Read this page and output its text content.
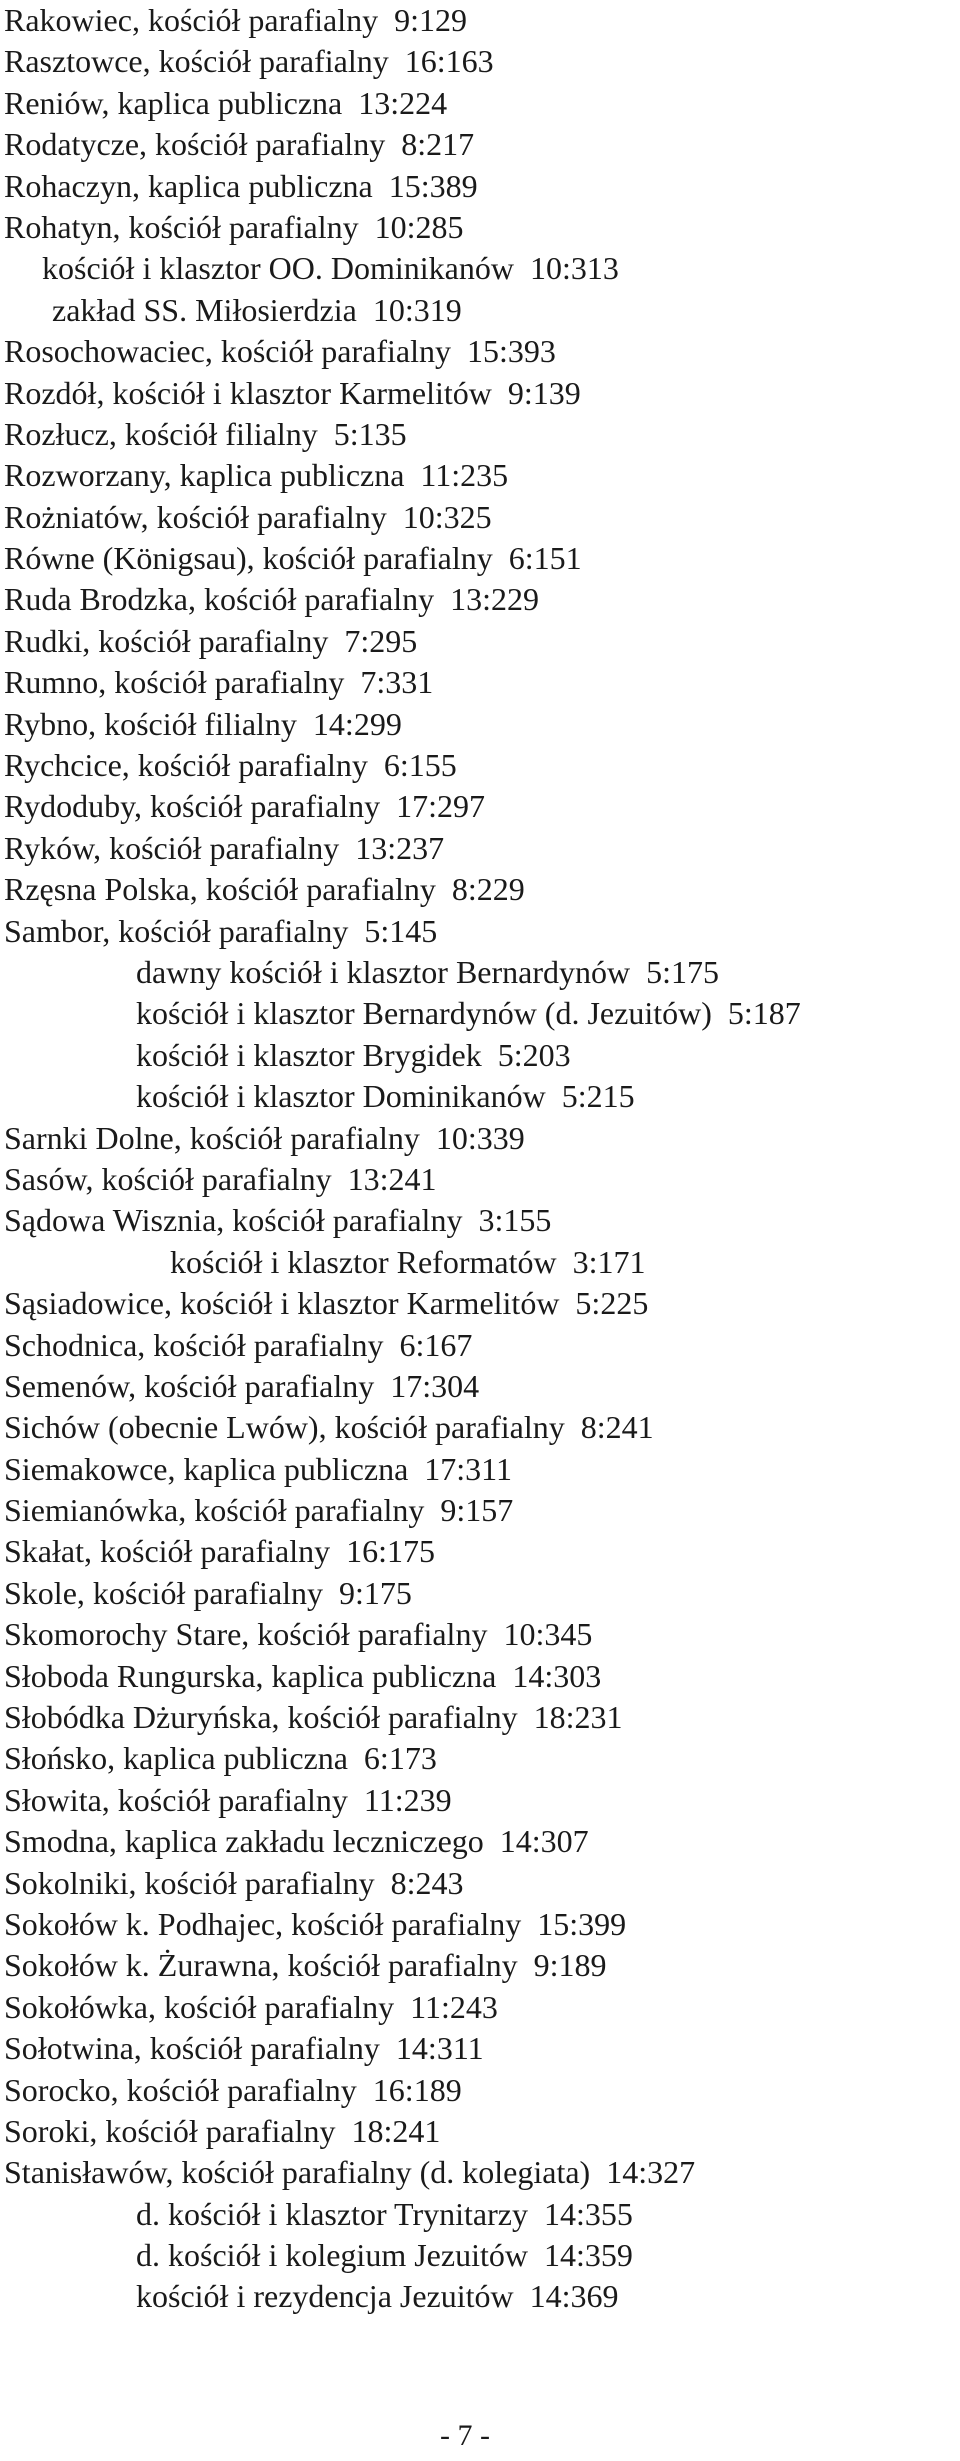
Rakowiec, kościół parafialny  9:129
Rasztowce, kościół parafialny  16:163
Reniów, kaplica publiczna  13:224
Rodatycze, kościół parafialny  8:217
Rohaczyn, kaplica publiczna  15:389
Rohatyn, kościół parafialny  10:285
kościół i klasztor OO. Dominikanów  10:313
zakład SS. Miłosierdzia  10:319
Rosochowaciec, kościół parafialny  15:393
Rozdół, kościół i klasztor Karmelitów  9:139
Rozłucz, kościół filialny  5:135
Rozworzany, kaplica publiczna  11:235
Rożniatów, kościół parafialny  10:325
Równe (Königsau), kościół parafialny  6:151
Ruda Brodzka, kościół parafialny  13:229
Rudki, kościół parafialny  7:295
Rumno, kościół parafialny  7:331
Rybno, kościół filialny  14:299
Rychcice, kościół parafialny  6:155
Rydoduby, kościół parafialny  17:297
Ryków, kościół parafialny  13:237
Rzęsna Polska, kościół parafialny  8:229
Sambor, kościół parafialny  5:145
dawny kościół i klasztor Bernardynów  5:175
kościół i klasztor Bernardynów (d. Jezuitów)  5:187
kościół i klasztor Brygidek  5:203
kościół i klasztor Dominikanów  5:215
Sarnki Dolne, kościół parafialny  10:339
Sasów, kościół parafialny  13:241
Sądowa Wisznia, kościół parafialny  3:155
kościół i klasztor Reformatów  3:171
Sąsiadowice, kościół i klasztor Karmelitów  5:225
Schodnica, kościół parafialny  6:167
Semenów, kościół parafialny  17:304
Sichów (obecnie Lwów), kościół parafialny  8:241
Siemakowce, kaplica publiczna  17:311
Siemianówka, kościół parafialny  9:157
Skałat, kościół parafialny  16:175
Skole, kościół parafialny  9:175
Skomorochy Stare, kościół parafialny  10:345
Słoboda Rungurska, kaplica publiczna  14:303
Słobódka Dżuryńska, kościół parafialny  18:231
Słońsko, kaplica publiczna  6:173
Słowita, kościół parafialny  11:239
Smodna, kaplica zakładu leczniczego  14:307
Sokolniki, kościół parafialny  8:243
Sokołów k. Podhajec, kościół parafialny  15:399
Sokołów k. Żurawna, kościół parafialny  9:189
Sokołówka, kościół parafialny  11:243
Sołotwina, kościół parafialny  14:311
Sorocko, kościół parafialny  16:189
Soroki, kościół parafialny  18:241
Stanisławów, kościół parafialny (d. kolegiata)  14:327
d. kościół i klasztor Trynitarzy  14:355
d. kościół i kolegium Jezuitów  14:359
kościół i rezydencja Jezuitów  14:369
- 7 -
